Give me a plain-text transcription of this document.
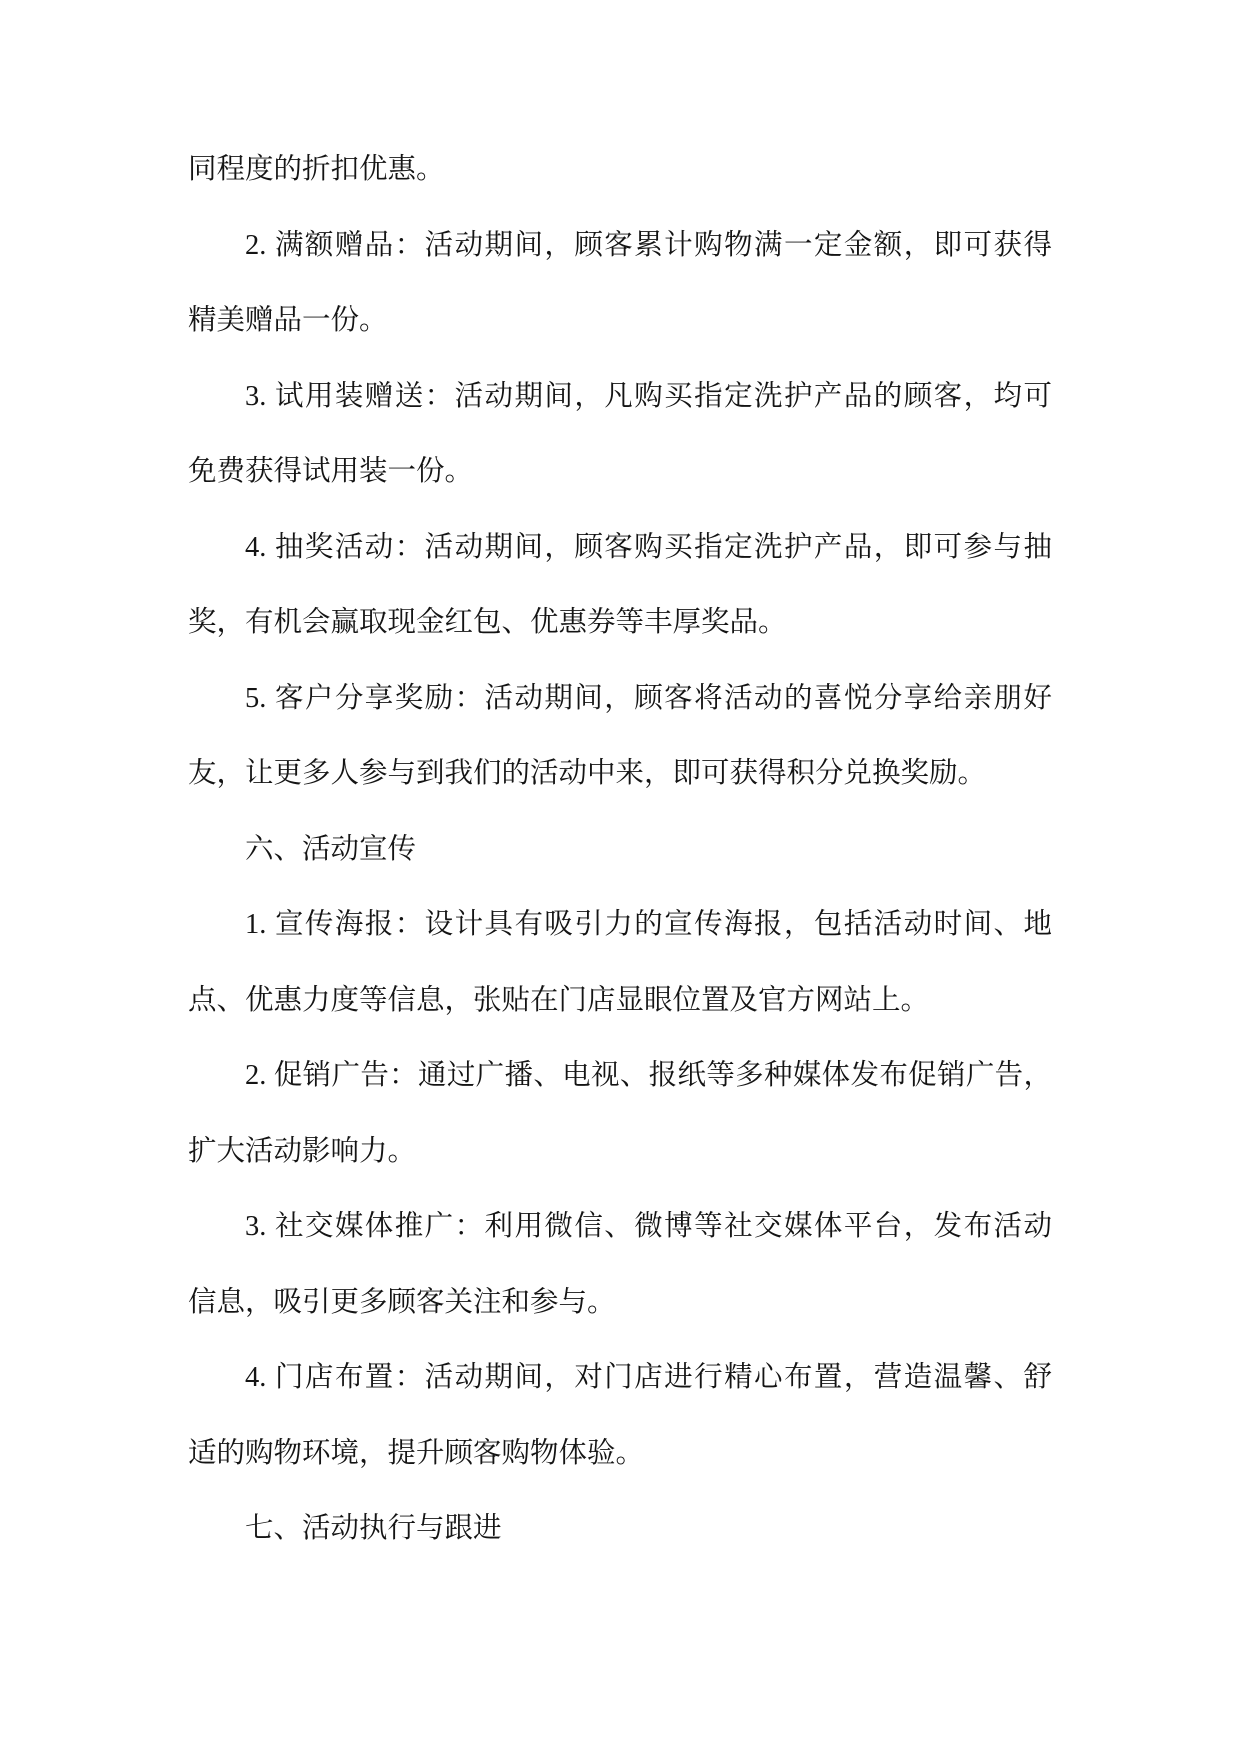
同程度的折扣优惠。
2. 满额赠品：活动期间，顾客累计购物满一定金额，即可获得
精美赠品一份。
3. 试用装赠送：活动期间，凡购买指定洗护产品的顾客，均可
免费获得试用装一份。
4. 抽奖活动：活动期间，顾客购买指定洗护产品，即可参与抽
奖，有机会赢取现金红包、优惠券等丰厚奖品。
5. 客户分享奖励：活动期间，顾客将活动的喜悦分享给亲朋好
友，让更多人参与到我们的活动中来，即可获得积分兑换奖励。
六、活动宣传
1. 宣传海报：设计具有吸引力的宣传海报，包括活动时间、地
点、优惠力度等信息，张贴在门店显眼位置及官方网站上。
2. 促销广告：通过广播、电视、报纸等多种媒体发布促销广告，
扩大活动影响力。
3. 社交媒体推广：利用微信、微博等社交媒体平台，发布活动
信息，吸引更多顾客关注和参与。
4. 门店布置：活动期间，对门店进行精心布置，营造温馨、舒
适的购物环境，提升顾客购物体验。
七、活动执行与跟进
